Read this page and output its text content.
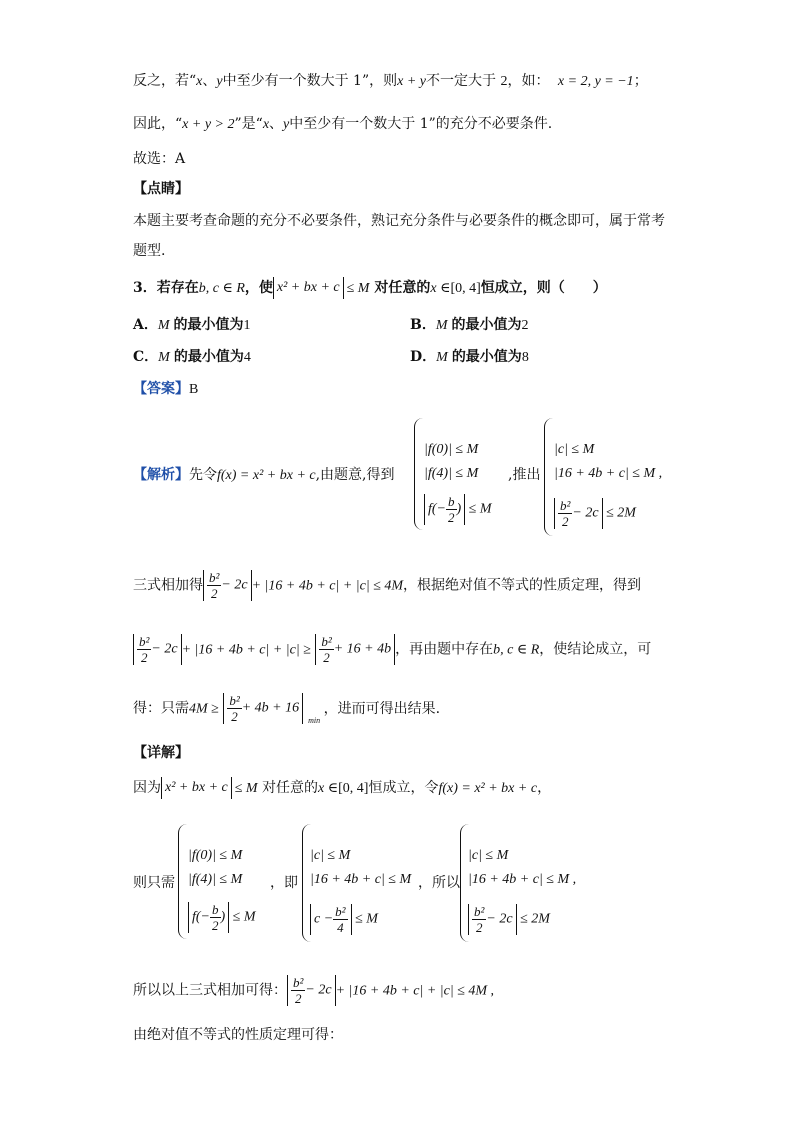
反之，若“x、y中至少有一个数大于 1”，则x + y不一定大于 2，如： x = 2, y = −1；
因此，“x + y > 2”是“x、y中至少有一个数大于 1”的充分不必要条件.
故选：A
【点睛】
本题主要考查命题的充分不必要条件，熟记充分条件与必要条件的概念即可，属于常考
题型.
3．若存在b, c ∈ R，使 x² + bx + c ≤ M 对任意的x ∈[0, 4]恒成立，则（　　）
A．M 的最小值为1	B．M 的最小值为2
C．M 的最小值为4	D．M 的最小值为8
【答案】B
【解析】先令f(x) = x² + bx + c,由题意,得到
|f(0)| ≤ M
|f(4)| ≤ M
$f(- \frac{b}{2}$ ) ≤ M
,推出
|c| ≤ M
|16 + 4b + c| ≤ M ,
$\frac{\text{b²}}{2} - 2c \le 2M$
三式相加得 $\frac{\text{b²}}{2} - 2c + |16 + 4b + c| + |c| \le 4M$，根据绝对值不等式的性质定理，得到
$\frac{\text{b²}}{2} - 2c + |16 + 4b + c| + |c| \ge \frac{\text{b²}}{2} + 16 + 4b$ ，再由题中存在b, c ∈ R，使结论成立，可
得：只需$4M \ge \frac{\text{b²}}{2} + 4b + 16$
min
，进而可得出结果.
【详解】
因为 x² + bx + c ≤ M 对任意的x ∈[0, 4]恒成立，令f(x) = x² + bx + c，
则只需
|f(0)| ≤ M
|f(4)| ≤ M
$f(- \frac{b}{2}$ ) ≤ M
，即
|c| ≤ M
|16 + 4b + c| ≤ M
$c - \frac{\text{b²}}{4} \le M$
，所以
|c| ≤ M
|16 + 4b + c| ≤ M ,
$\frac{\text{b²}}{2} - 2c \le 2M$
所以以上三式相加可得： $\frac{\text{b²}}{2} - 2c + |16 + 4b + c| + |c| \le 4M$ ,
由绝对值不等式的性质定理可得：
